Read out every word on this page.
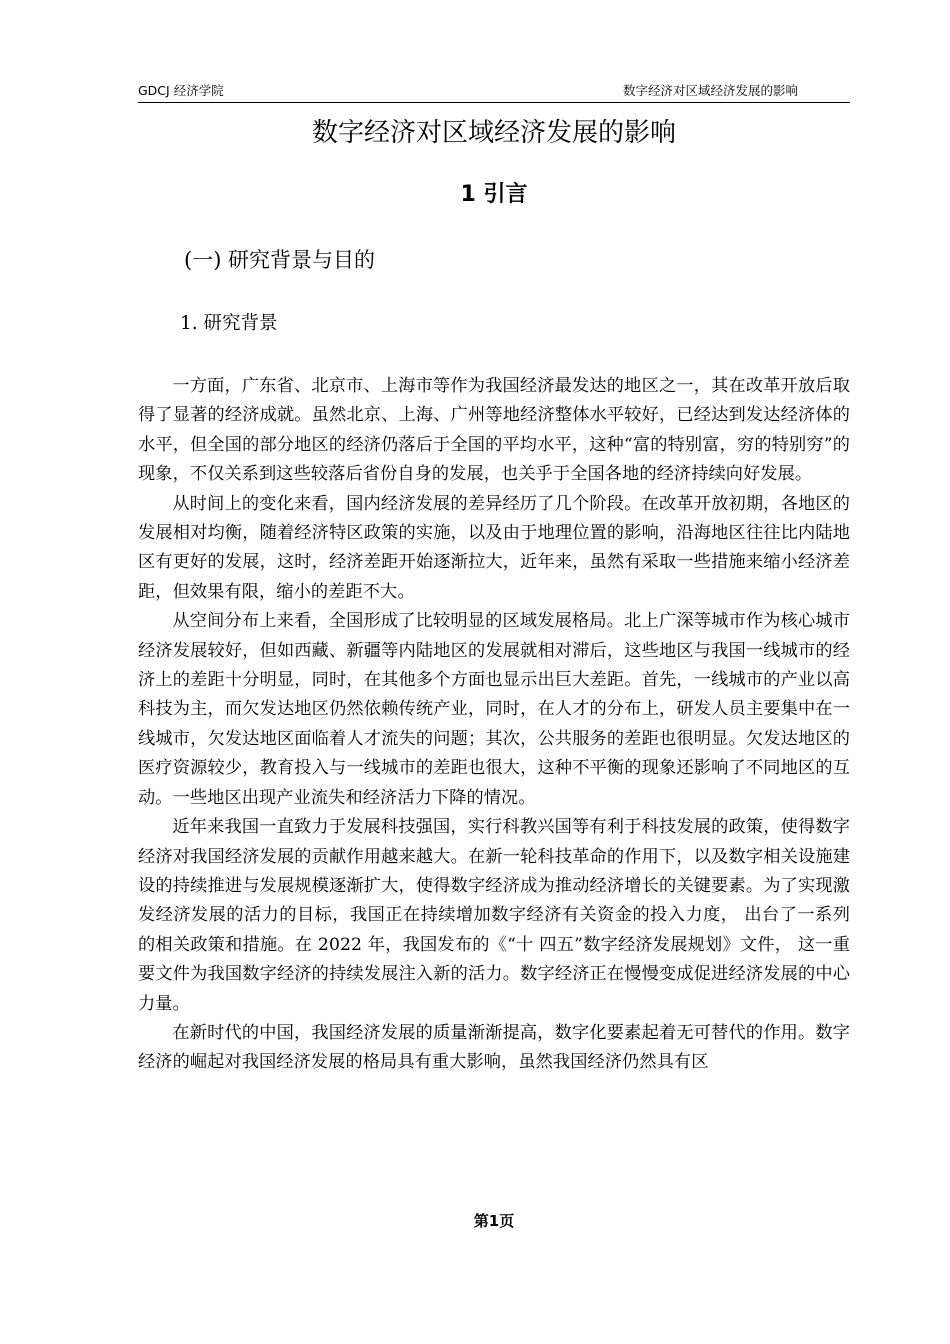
GDCJ 经济学院	数字经济对区域经济发展的影响
数字经济对区域经济发展的影响
1 引言
(一) 研究背景与目的
1. 研究背景

一方面，广东省、北京市、上海市等作为我国经济最发达的地区之一，其在改革开放后取得了显著的经济成就。虽然北京、上海、广州等地经济整体水平较好，已经达到发达经济体的水平，但全国的部分地区的经济仍落后于全国的平均水平，这种“富的特别富，穷的特别穷”的现象，不仅关系到这些较落后省份自身的发展，也关乎于全国各地的经济持续向好发展。

从时间上的变化来看，国内经济发展的差异经历了几个阶段。在改革开放初期，各地区的发展相对均衡，随着经济特区政策的实施，以及由于地理位置的影响，沿海地区往往比内陆地区有更好的发展，这时，经济差距开始逐渐拉大，近年来，虽然有采取一些措施来缩小经济差距，但效果有限，缩小的差距不大。

从空间分布上来看，全国形成了比较明显的区域发展格局。北上广深等城市作为核心城市经济发展较好，但如西藏、新疆等内陆地区的发展就相对滞后，这些地区与我国一线城市的经济上的差距十分明显，同时，在其他多个方面也显示出巨大差距。首先，一线城市的产业以高科技为主，而欠发达地区仍然依赖传统产业，同时，在人才的分布上，研发人员主要集中在一线城市，欠发达地区面临着人才流失的问题；其次，公共服务的差距也很明显。欠发达地区的医疗资源较少，教育投入与一线城市的差距也很大，这种不平衡的现象还影响了不同地区的互动。一些地区出现产业流失和经济活力下降的情况。

近年来我国一直致力于发展科技强国，实行科教兴国等有利于科技发展的政策，使得数字经济对我国经济发展的贡献作用越来越大。在新一轮科技革命的作用下，以及数字相关设施建设的持续推进与发展规模逐渐扩大，使得数字经济成为推动经济增长的关键要素。为了实现激发经济发展的活力的目标，我国正在持续增加数字经济有关资金的投入力度， 出台了一系列的相关政策和措施。在 2022 年，我国发布的《“十 四五”数字经济发展规划》文件， 这一重要文件为我国数字经济的持续发展注入新的活力。数字经济正在慢慢变成促进经济发展的中心力量。

在新时代的中国，我国经济发展的质量渐渐提高，数字化要素起着无可替代的作用。数字经济的崛起对我国经济发展的格局具有重大影响，虽然我国经济仍然具有区

第1页
